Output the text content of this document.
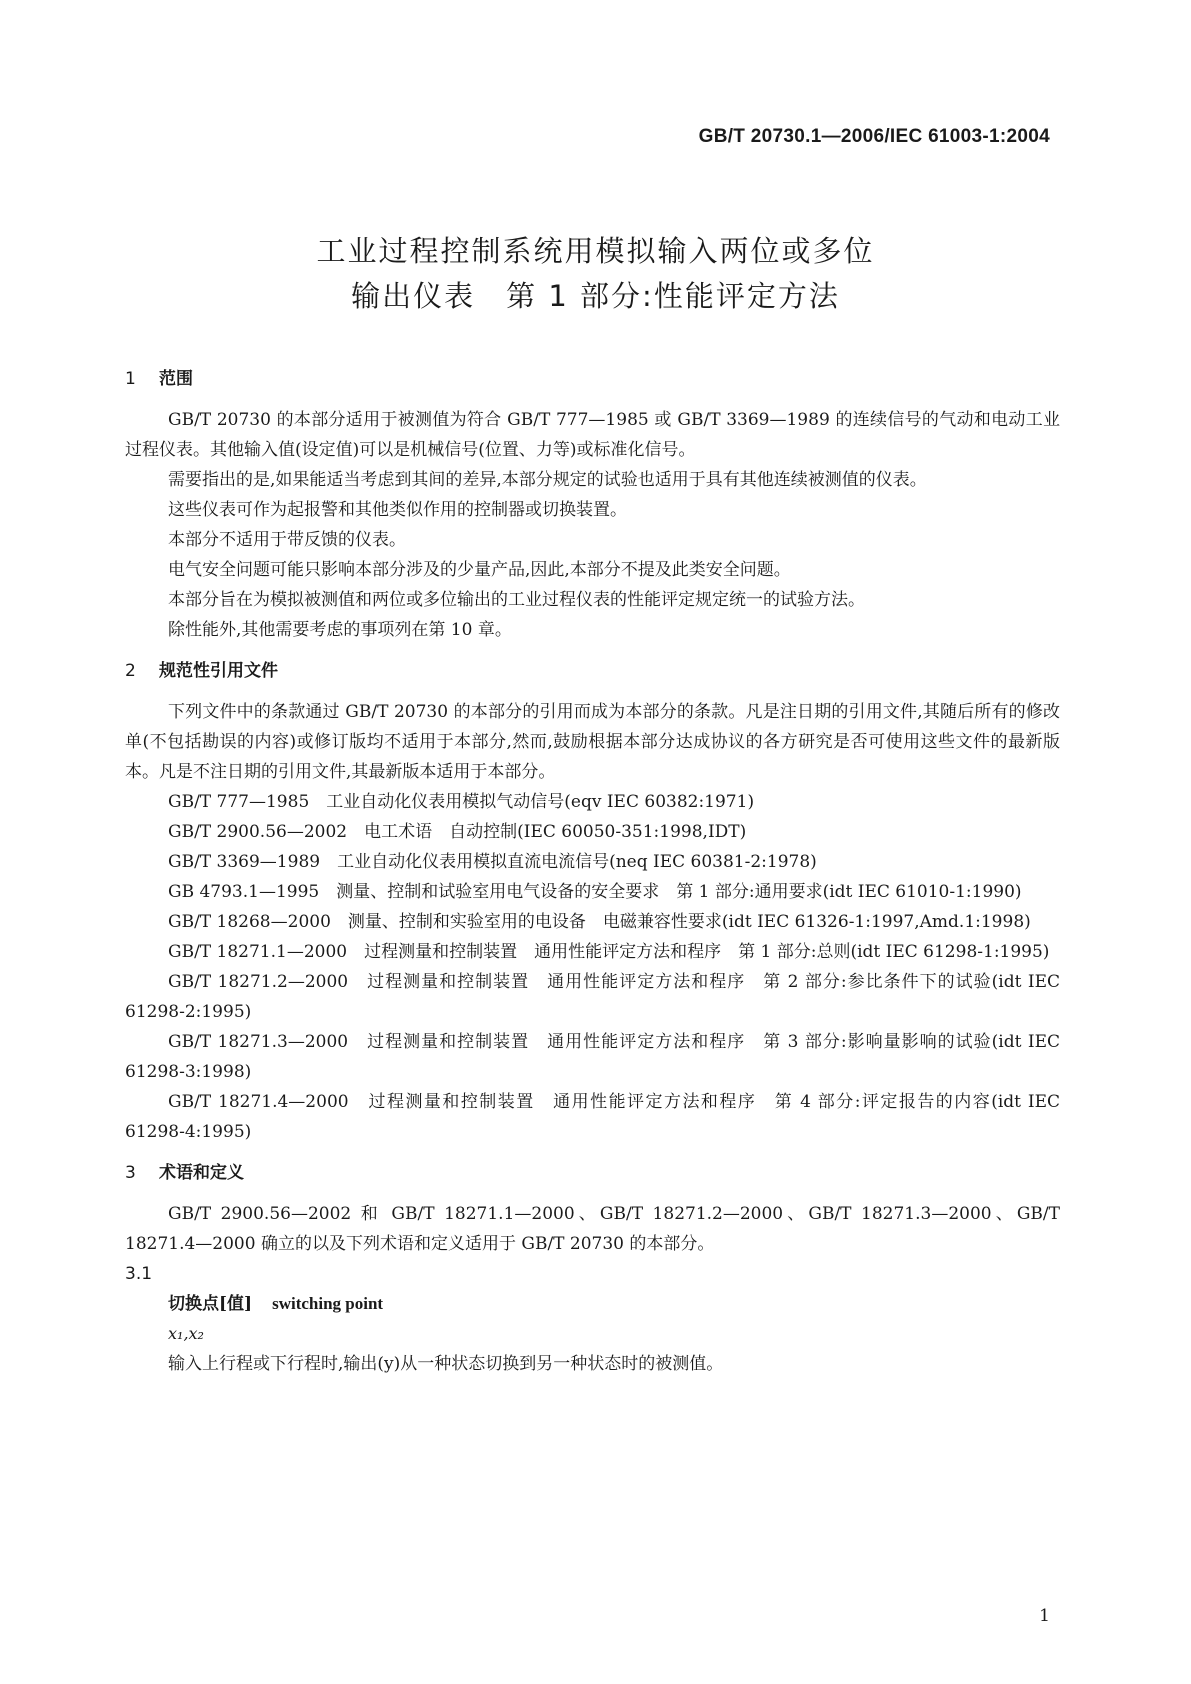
GB/T 20730.1—2006/IEC 61003-1:2004
工业过程控制系统用模拟输入两位或多位
输出仪表　第 1 部分:性能评定方法
1 范围
GB/T 20730 的本部分适用于被测值为符合 GB/T 777—1985 或 GB/T 3369—1989 的连续信号的气动和电动工业过程仪表。其他输入值(设定值)可以是机械信号(位置、力等)或标准化信号。
需要指出的是,如果能适当考虑到其间的差异,本部分规定的试验也适用于具有其他连续被测值的仪表。
这些仪表可作为起报警和其他类似作用的控制器或切换装置。
本部分不适用于带反馈的仪表。
电气安全问题可能只影响本部分涉及的少量产品,因此,本部分不提及此类安全问题。
本部分旨在为模拟被测值和两位或多位输出的工业过程仪表的性能评定规定统一的试验方法。
除性能外,其他需要考虑的事项列在第 10 章。
2 规范性引用文件
下列文件中的条款通过 GB/T 20730 的本部分的引用而成为本部分的条款。凡是注日期的引用文件,其随后所有的修改单(不包括勘误的内容)或修订版均不适用于本部分,然而,鼓励根据本部分达成协议的各方研究是否可使用这些文件的最新版本。凡是不注日期的引用文件,其最新版本适用于本部分。
GB/T 777—1985　工业自动化仪表用模拟气动信号(eqv IEC 60382:1971)
GB/T 2900.56—2002　电工术语　自动控制(IEC 60050-351:1998,IDT)
GB/T 3369—1989　工业自动化仪表用模拟直流电流信号(neq IEC 60381-2:1978)
GB 4793.1—1995　测量、控制和试验室用电气设备的安全要求　第 1 部分:通用要求(idt IEC 61010-1:1990)
GB/T 18268—2000　测量、控制和实验室用的电设备　电磁兼容性要求(idt IEC 61326-1:1997,Amd.1:1998)
GB/T 18271.1—2000　过程测量和控制装置　通用性能评定方法和程序　第 1 部分:总则(idt IEC 61298-1:1995)
GB/T 18271.2—2000　过程测量和控制装置　通用性能评定方法和程序　第 2 部分:参比条件下的试验(idt IEC 61298-2:1995)
GB/T 18271.3—2000　过程测量和控制装置　通用性能评定方法和程序　第 3 部分:影响量影响的试验(idt IEC 61298-3:1998)
GB/T 18271.4—2000　过程测量和控制装置　通用性能评定方法和程序　第 4 部分:评定报告的内容(idt IEC 61298-4:1995)
3 术语和定义
GB/T 2900.56—2002 和 GB/T 18271.1—2000、GB/T 18271.2—2000、GB/T 18271.3—2000、GB/T 18271.4—2000 确立的以及下列术语和定义适用于 GB/T 20730 的本部分。
3.1
切换点[值] switching point
x₁,x₂
输入上行程或下行程时,输出(y)从一种状态切换到另一种状态时的被测值。
1
